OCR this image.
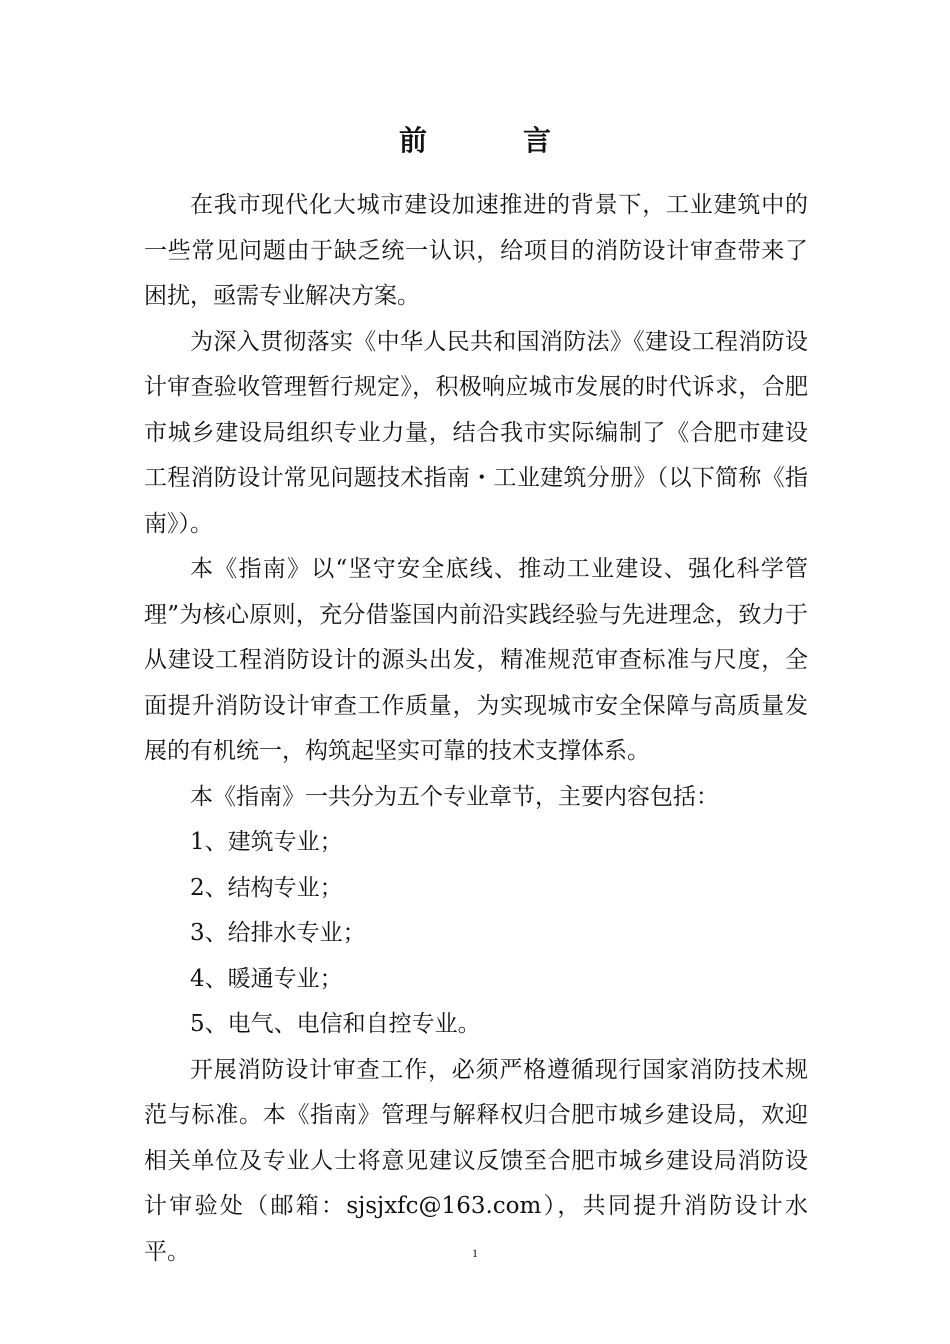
前　言

在我市现代化大城市建设加速推进的背景下，工业建筑中的一些常见问题由于缺乏统一认识，给项目的消防设计审查带来了困扰，亟需专业解决方案。

为深入贯彻落实《中华人民共和国消防法》《建设工程消防设计审查验收管理暂行规定》，积极响应城市发展的时代诉求，合肥市城乡建设局组织专业力量，结合我市实际编制了《合肥市建设工程消防设计常见问题技术指南・工业建筑分册》（以下简称《指南》）。

本《指南》以“坚守安全底线、推动工业建设、强化科学管理”为核心原则，充分借鉴国内前沿实践经验与先进理念，致力于从建设工程消防设计的源头出发，精准规范审查标准与尺度，全面提升消防设计审查工作质量，为实现城市安全保障与高质量发展的有机统一，构筑起坚实可靠的技术支撑体系。

本《指南》一共分为五个专业章节，主要内容包括：

1、建筑专业；

2、结构专业；

3、给排水专业；

4、暖通专业；

5、电气、电信和自控专业。

开展消防设计审查工作，必须严格遵循现行国家消防技术规范与标准。本《指南》管理与解释权归合肥市城乡建设局，欢迎相关单位及专业人士将意见建议反馈至合肥市城乡建设局消防设计审验处（邮箱：sjsjxfc@163.com），共同提升消防设计水平。	1
